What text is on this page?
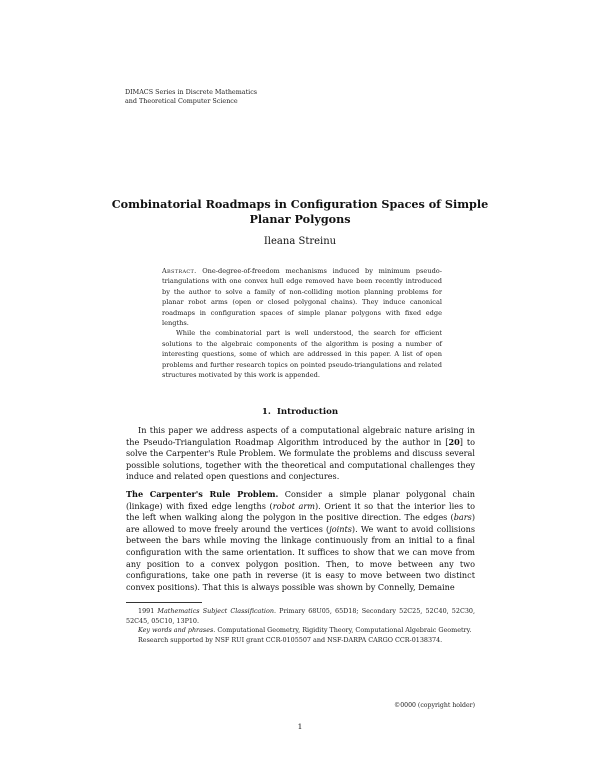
DIMACS Series in Discrete Mathematics
and Theoretical Computer Science
Combinatorial Roadmaps in Configuration Spaces of Simple Planar Polygons
Ileana Streinu

Abstract. One-degree-of-freedom mechanisms induced by minimum pseudo-triangulations with one convex hull edge removed have been recently introduced by the author to solve a family of non-colliding motion planning problems for planar robot arms (open or closed polygonal chains). They induce canonical roadmaps in configuration spaces of simple planar polygons with fixed edge lengths.

While the combinatorial part is well understood, the search for efficient solutions to the algebraic components of the algorithm is posing a number of interesting questions, some of which are addressed in this paper. A list of open problems and further research topics on pointed pseudo-triangulations and related structures motivated by this work is appended.

1. Introduction

In this paper we address aspects of a computational algebraic nature arising in the Pseudo-Triangulation Roadmap Algorithm introduced by the author in [20] to solve the Carpenter's Rule Problem. We formulate the problems and discuss several possible solutions, together with the theoretical and computational challenges they induce and related open questions and conjectures.

The Carpenter's Rule Problem. Consider a simple planar polygonal chain (linkage) with fixed edge lengths (robot arm). Orient it so that the interior lies to the left when walking along the polygon in the positive direction. The edges (bars) are allowed to move freely around the vertices (joints). We want to avoid collisions between the bars while moving the linkage continuously from an initial to a final configuration with the same orientation. It suffices to show that we can move from any position to a convex polygon position. Then, to move between any two configurations, take one path in reverse (it is easy to move between two distinct convex positions). That this is always possible was shown by Connelly, Demaine

1991 Mathematics Subject Classification. Primary 68U05, 65D18; Secondary 52C25, 52C40, 52C30, 52C45, 05C10, 13P10.

Key words and phrases. Computational Geometry, Rigidity Theory, Computational Algebraic Geometry.

Research supported by NSF RUI grant CCR-0105507 and NSF-DARPA CARGO CCR-0138374.

©0000 (copyright holder)
1
